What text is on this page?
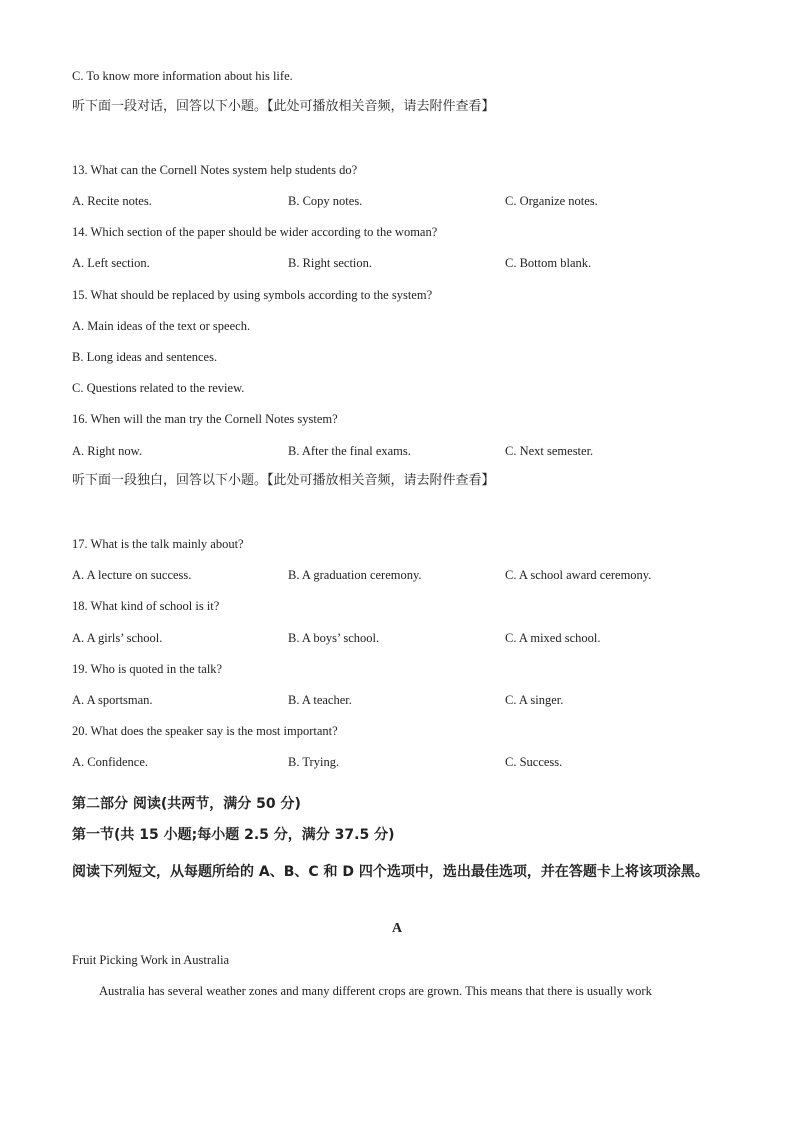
C. To know more information about his life.
听下面一段对话，回答以下小题。【此处可播放相关音频，请去附件查看】
13. What can the Cornell Notes system help students do?
A. Recite notes.	B. Copy notes.	C. Organize notes.
14. Which section of the paper should be wider according to the woman?
A. Left section.	B. Right section.	C. Bottom blank.
15. What should be replaced by using symbols according to the system?
A. Main ideas of the text or speech.
B. Long ideas and sentences.
C. Questions related to the review.
16. When will the man try the Cornell Notes system?
A. Right now.	B. After the final exams.	C. Next semester.
听下面一段独白，回答以下小题。【此处可播放相关音频，请去附件查看】
17. What is the talk mainly about?
A. A lecture on success.	B. A graduation ceremony.	C. A school award ceremony.
18. What kind of school is it?
A. A girls’ school.	B. A boys’ school.	C. A mixed school.
19. Who is quoted in the talk?
A. A sportsman.	B. A teacher.	C. A singer.
20. What does the speaker say is the most important?
A. Confidence.	B. Trying.	C. Success.
第二部分 阅读(共两节，满分 50 分)
第一节(共 15 小题;每小题 2.5 分，满分 37.5 分)
阅读下列短文，从每题所给的 A、B、C 和 D 四个选项中，选出最佳选项，并在答题卡上将该项涂黑。
A
Fruit Picking Work in Australia
Australia has several weather zones and many different crops are grown. This means that there is usually work
